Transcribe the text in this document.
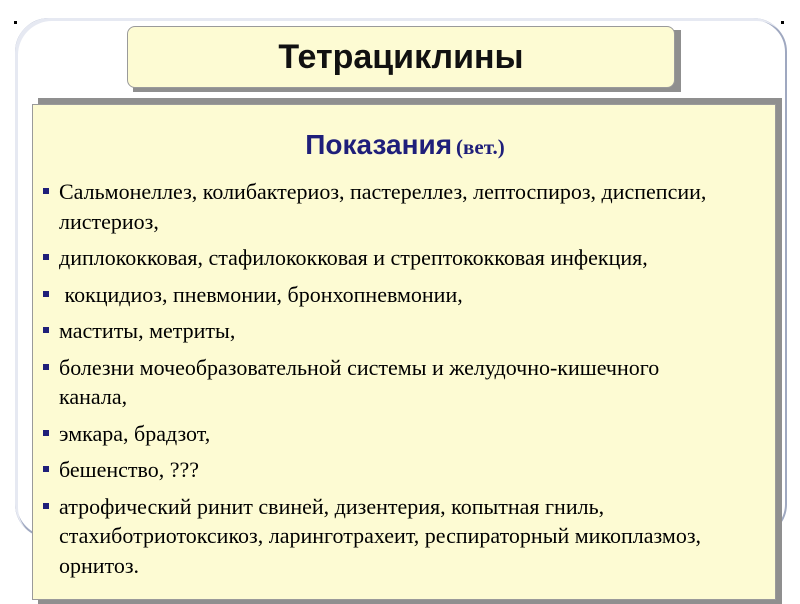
Тетрациклины
Показания (вет.)
Сальмонеллез, колибактериоз, пастереллез, лептоспироз, диспепсии, листериоз,
диплококковая, стафилококковая и стрептококковая инфекция,
кокцидиоз, пневмонии, бронхопневмонии,
маститы, метриты,
болезни мочеобразовательной системы и желудочно-кишечного канала,
эмкара, брадзот,
бешенство, ???
атрофический ринит свиней, дизентерия, копытная гниль, стахиботриотоксикоз, ларинготрахеит, респираторный микоплазмоз, орнитоз.
